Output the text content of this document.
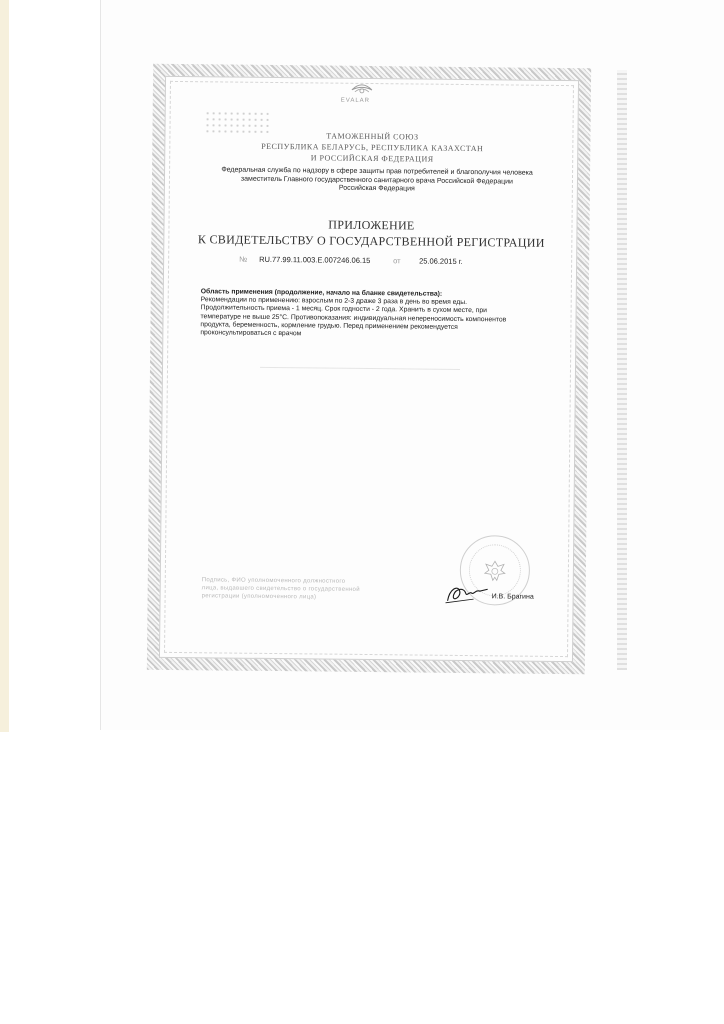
EVALAR
ТАМОЖЕННЫЙ СОЮЗ
РЕСПУБЛИКА БЕЛАРУСЬ, РЕСПУБЛИКА КАЗАХСТАН
И РОССИЙСКАЯ ФЕДЕРАЦИЯ
Федеральная служба по надзору в сфере защиты прав потребителей и благополучия человека
заместитель Главного государственного санитарного врача Российской Федерации
Российская Федерация
ПРИЛОЖЕНИЕ
К СВИДЕТЕЛЬСТВУ О ГОСУДАРСТВЕННОЙ РЕГИСТРАЦИИ
№ RU.77.99.11.003.E.007246.06.15	от 25.06.2015 г.
Область применения (продолжение, начало на бланке свидетельства):
Рекомендации по применению: взрослым по 2-3 драже 3 раза в день во время еды.
Продолжительность приема - 1 месяц. Срок годности - 2 года. Хранить в сухом месте, при
температуре не выше 25°С. Противопоказания: индивидуальная непереносимость компонентов
продукта, беременность, кормление грудью. Перед применением рекомендуется
проконсультироваться с врачом
Подпись, ФИО уполномоченного должностного
лица, выдавшего свидетельство о государственной
регистрации (уполномоченного лица)	И.В. Брагина
